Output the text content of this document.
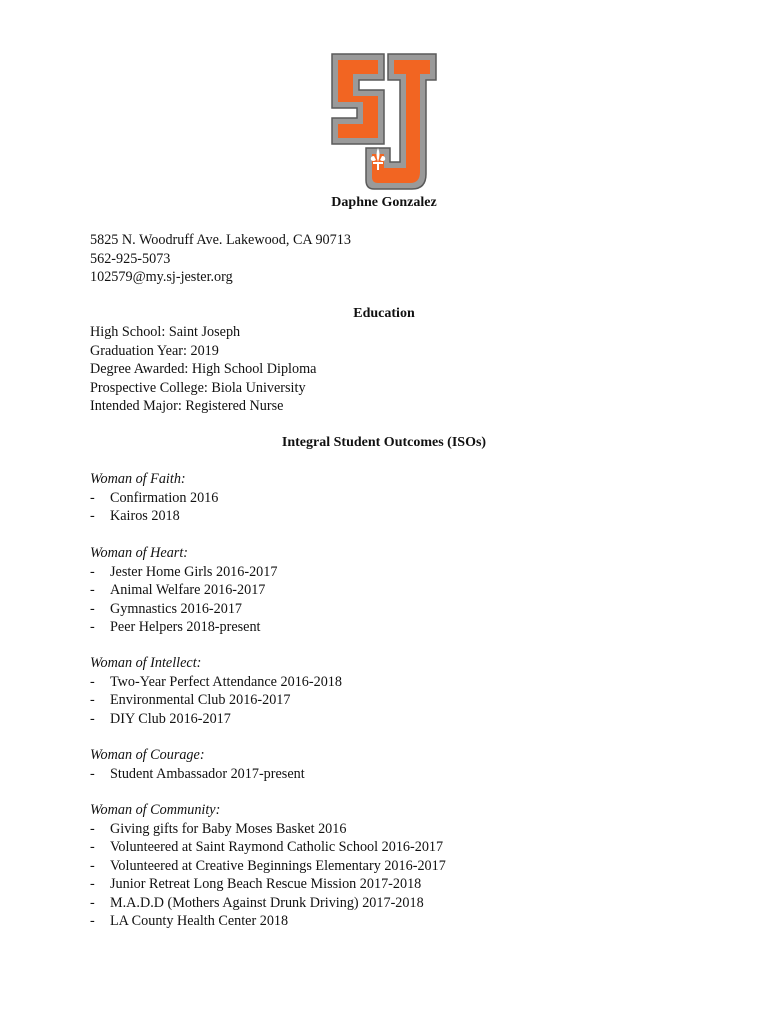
Daphne Gonzalez
5825 N. Woodruff Ave. Lakewood, CA 90713
562-925-5073
102579@my.sj-jester.org
Education
High School: Saint Joseph
Graduation Year: 2019
Degree Awarded: High School Diploma
Prospective College: Biola University
Intended Major: Registered Nurse
Integral Student Outcomes (ISOs)
Woman of Faith:
- Confirmation 2016
- Kairos 2018
Woman of Heart:
- Jester Home Girls 2016-2017
- Animal Welfare 2016-2017
- Gymnastics 2016-2017
- Peer Helpers 2018-present
Woman of Intellect:
- Two-Year Perfect Attendance 2016-2018
- Environmental Club 2016-2017
- DIY Club 2016-2017
Woman of Courage:
- Student Ambassador 2017-present
Woman of Community:
- Giving gifts for Baby Moses Basket 2016
- Volunteered at Saint Raymond Catholic School 2016-2017
- Volunteered at Creative Beginnings Elementary 2016-2017
- Junior Retreat Long Beach Rescue Mission 2017-2018
- M.A.D.D (Mothers Against Drunk Driving) 2017-2018
- LA County Health Center 2018
